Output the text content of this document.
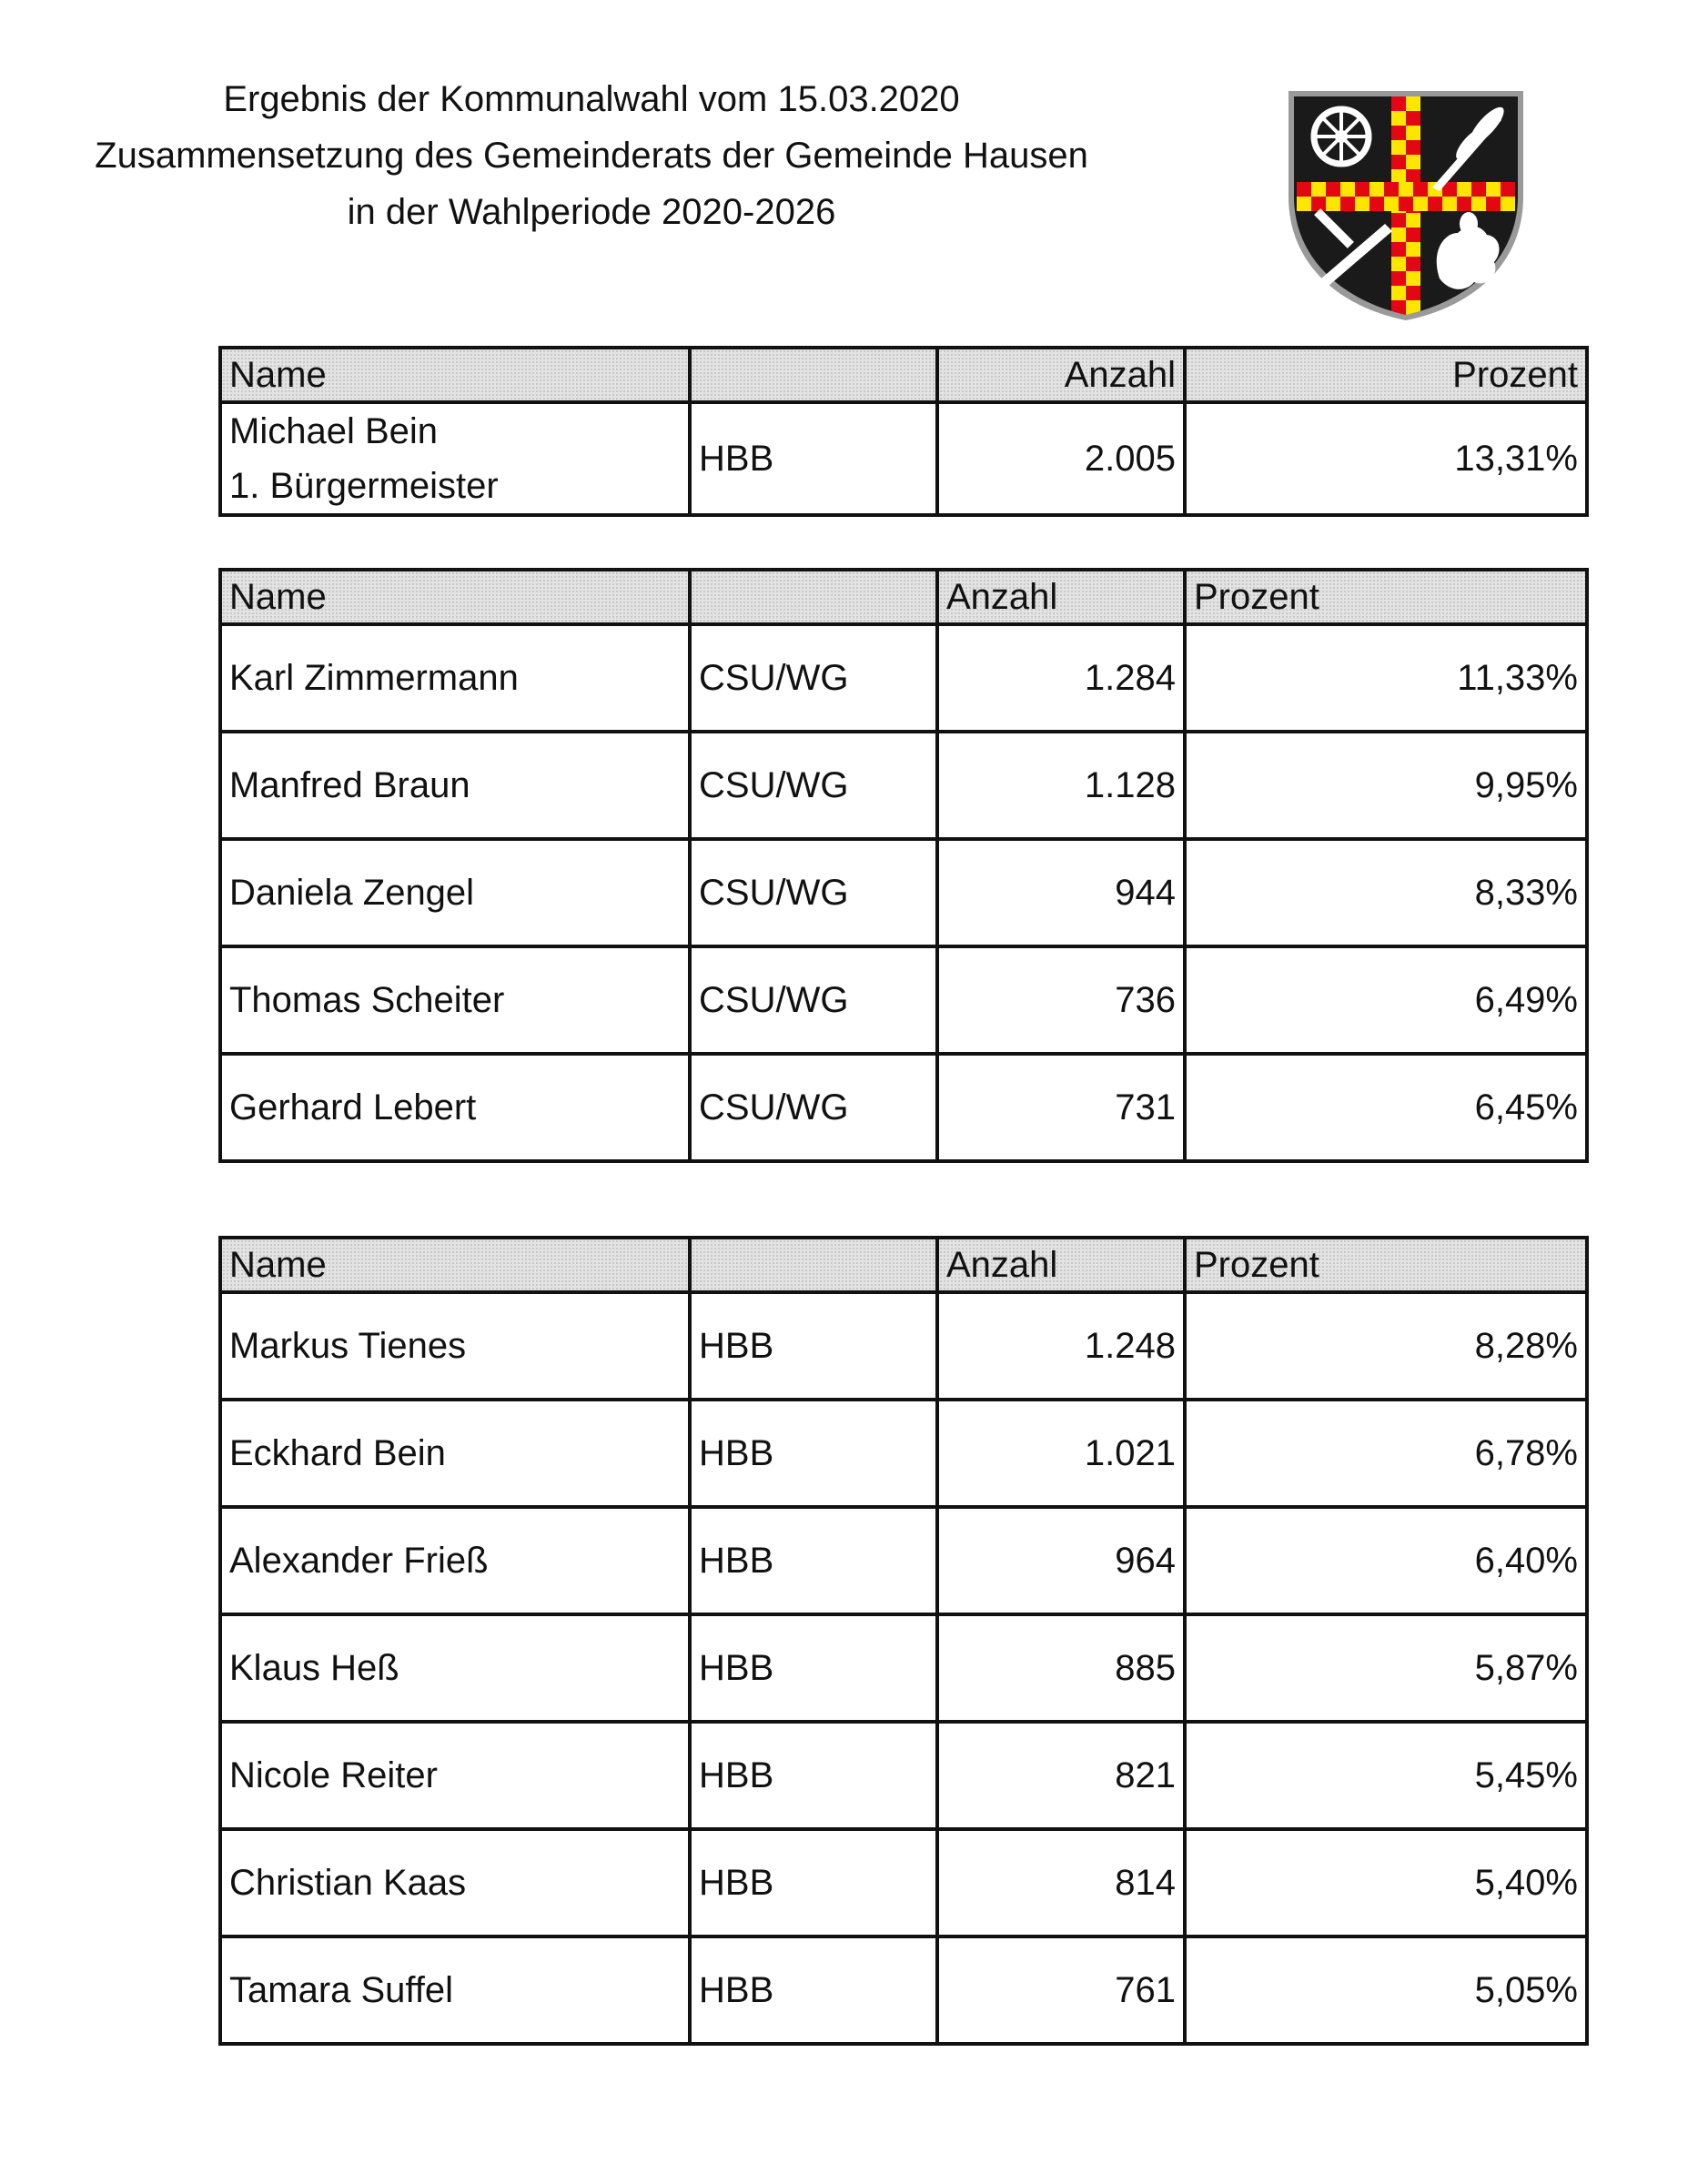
Ergebnis der Kommunalwahl vom 15.03.2020
Zusammensetzung des Gemeinderats der Gemeinde Hausen
in der Wahlperiode 2020-2026
Name		Anzahl	Prozent

Michael Bein
1. Bürgermeister	HBB	2.005	13,31%
Name		Anzahl	Prozent
Karl Zimmermann	CSU/WG	1.284	11,33%
Manfred Braun	CSU/WG	1.128	9,95%
Daniela Zengel	CSU/WG	944	8,33%
Thomas Scheiter	CSU/WG	736	6,49%
Gerhard Lebert	CSU/WG	731	6,45%
Name		Anzahl	Prozent
Markus Tienes	HBB	1.248	8,28%
Eckhard Bein	HBB	1.021	6,78%
Alexander Frieß	HBB	964	6,40%
Klaus Heß	HBB	885	5,87%
Nicole Reiter	HBB	821	5,45%
Christian Kaas	HBB	814	5,40%
Tamara Suffel	HBB	761	5,05%
